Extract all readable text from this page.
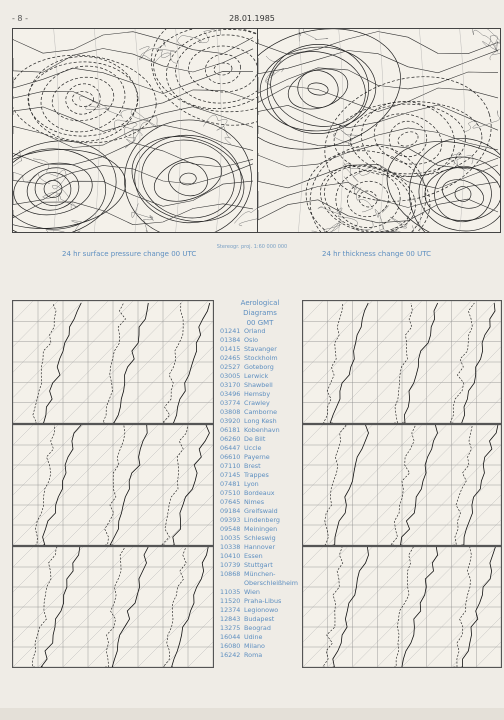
- 8 -	28.01.1985
Stereogr. proj. 1:60 000 000
24 hr surface pressure change 00 UTC	24 hr thickness change 00 UTC
Aerological
Diagrams
00 GMT
01241 Orland
01384 Oslo
01415 Stavanger
02465 Stockholm
02527 Goteborg
03005 Lerwick
03170 Shawbell
03496 Hemsby
03774 Crawley
03808 Camborne
03920 Long Kesh
06181 Kobenhavn
06260 De Bilt
06447 Uccle
06610 Payerne
07110 Brest
07145 Trappes
07481 Lyon
07510 Bordeaux
07645 Nimes
09184 Greifswald
09393 Lindenberg
09548 Meiningen
10035 Schleswig
10338 Hannover
10410 Essen
10739 Stuttgart
10868 München-
Oberschleißheim
11035 Wien
11520 Praha-Libus
12374 Legionowo
12843 Budapest
13275 Beograd
16044 Udine
16080 Milano
16242 Roma
